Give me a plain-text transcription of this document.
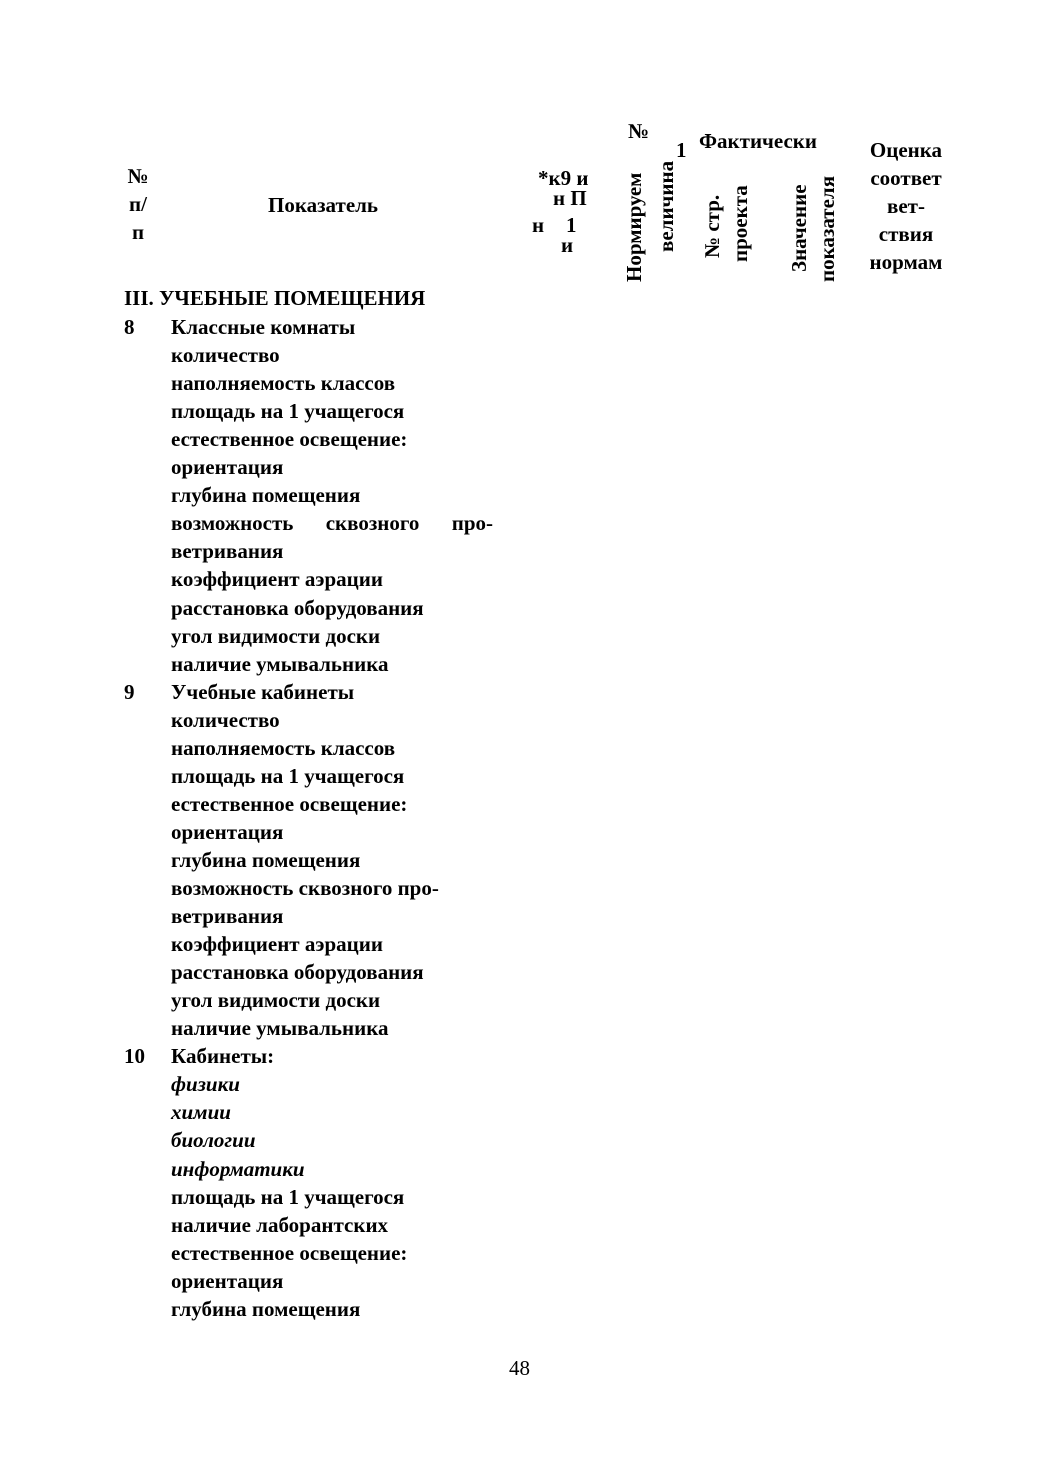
№
п/
п
Показатель
*к9 и
н П
н 1
и
№
Нормируем величина
1 Фактически
№ стр. проекта Значение показателя
Оценка
соответ
вет-
ствия
нормам
III. УЧЕБНЫЕ ПОМЕЩЕНИЯ
8 Классные комнаты
количество
наполняемость классов
площадь на 1 учащегося
естественное освещение:
ориентация
глубина помещения
возможность сквозного про-
ветривания
коэффициент аэрации
расстановка оборудования
угол видимости доски
наличие умывальника
9 Учебные кабинеты
количество
наполняемость классов
площадь на 1 учащегося
естественное освещение:
ориентация
глубина помещения
возможность сквозного про-
ветривания
коэффициент аэрации
расстановка оборудования
угол видимости доски
наличие умывальника
10 Кабинеты:
физики
химии
биологии
информатики
площадь на 1 учащегося
наличие лаборантских
естественное освещение:
ориентация
глубина помещения
48
